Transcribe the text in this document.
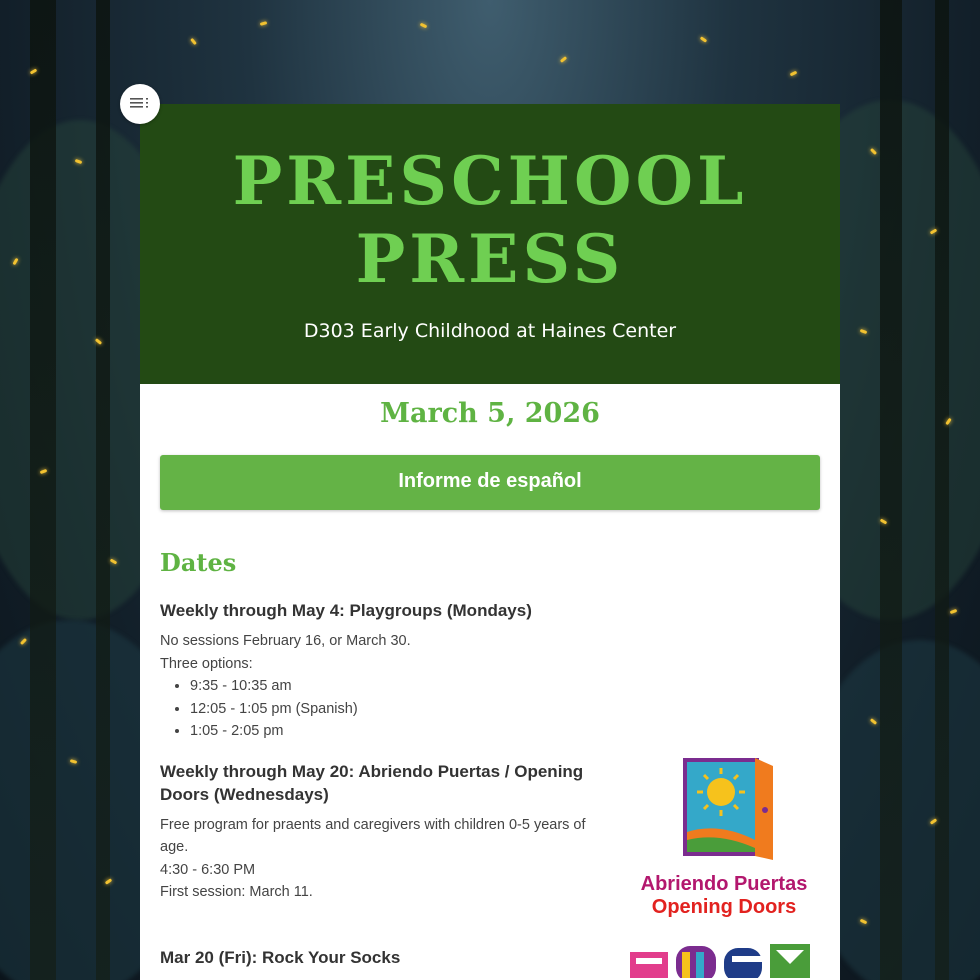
PRESCHOOL
PRESS
D303 Early Childhood at Haines Center
March 5, 2026
Informe de español
Dates
Weekly through May 4: Playgroups (Mondays)
No sessions February 16, or March 30.
Three options:
• 9:35 - 10:35 am
• 12:05 - 1:05 pm (Spanish)
• 1:05 - 2:05 pm
Weekly through May 20: Abriendo Puertas / Opening Doors (Wednesdays)
Free program for praents and caregivers with children 0-5 years of age.
4:30 - 6:30 PM
First session: March 11.	Abriendo Puertas
Opening Doors
Mar 20 (Fri): Rock Your Socks
